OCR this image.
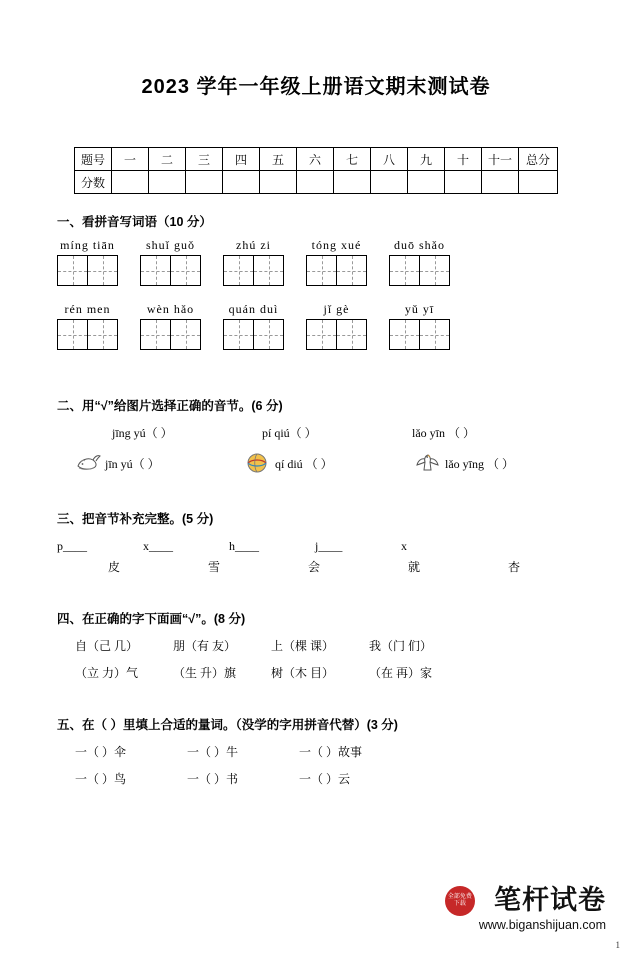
2023 学年一年级上册语文期末测试卷
题号	一	二	三	四	五	六	七	八	九	十	十一	总分
分数												
一、看拼音写词语（10 分）
míng tiān	shuǐ guǒ	zhú zi	tóng xué	duō shǎo
rén men	wèn hǎo	quán duì	jǐ gè	yǔ yī
二、用“√”给图片选择正确的音节。(6 分)
jīng yú（ ）	pí qiú（ ）	lǎo yīn （ ）
jīn yú（ ）	qí diú （ ）	lǎo yīng （ ）
三、把音节补充完整。(5 分)
p____	x____	h____	j____	x
皮	雪	会	就	杏
四、在正确的字下面画“√”。(8 分)
自（己 几）	朋（有 友）	上（棵 课）	我（门 们）
（立 力）气	（生 升）旗	树（木 目）	（在 再）家
五、在（ ）里填上合适的量词。（没学的字用拼音代替）(3 分)
一（ ）伞	一（ ）牛	一（ ）故事
一（ ）鸟	一（ ）书	一（ ）云
全部免费
下载	笔杆试卷
www.biganshijuan.com
1
